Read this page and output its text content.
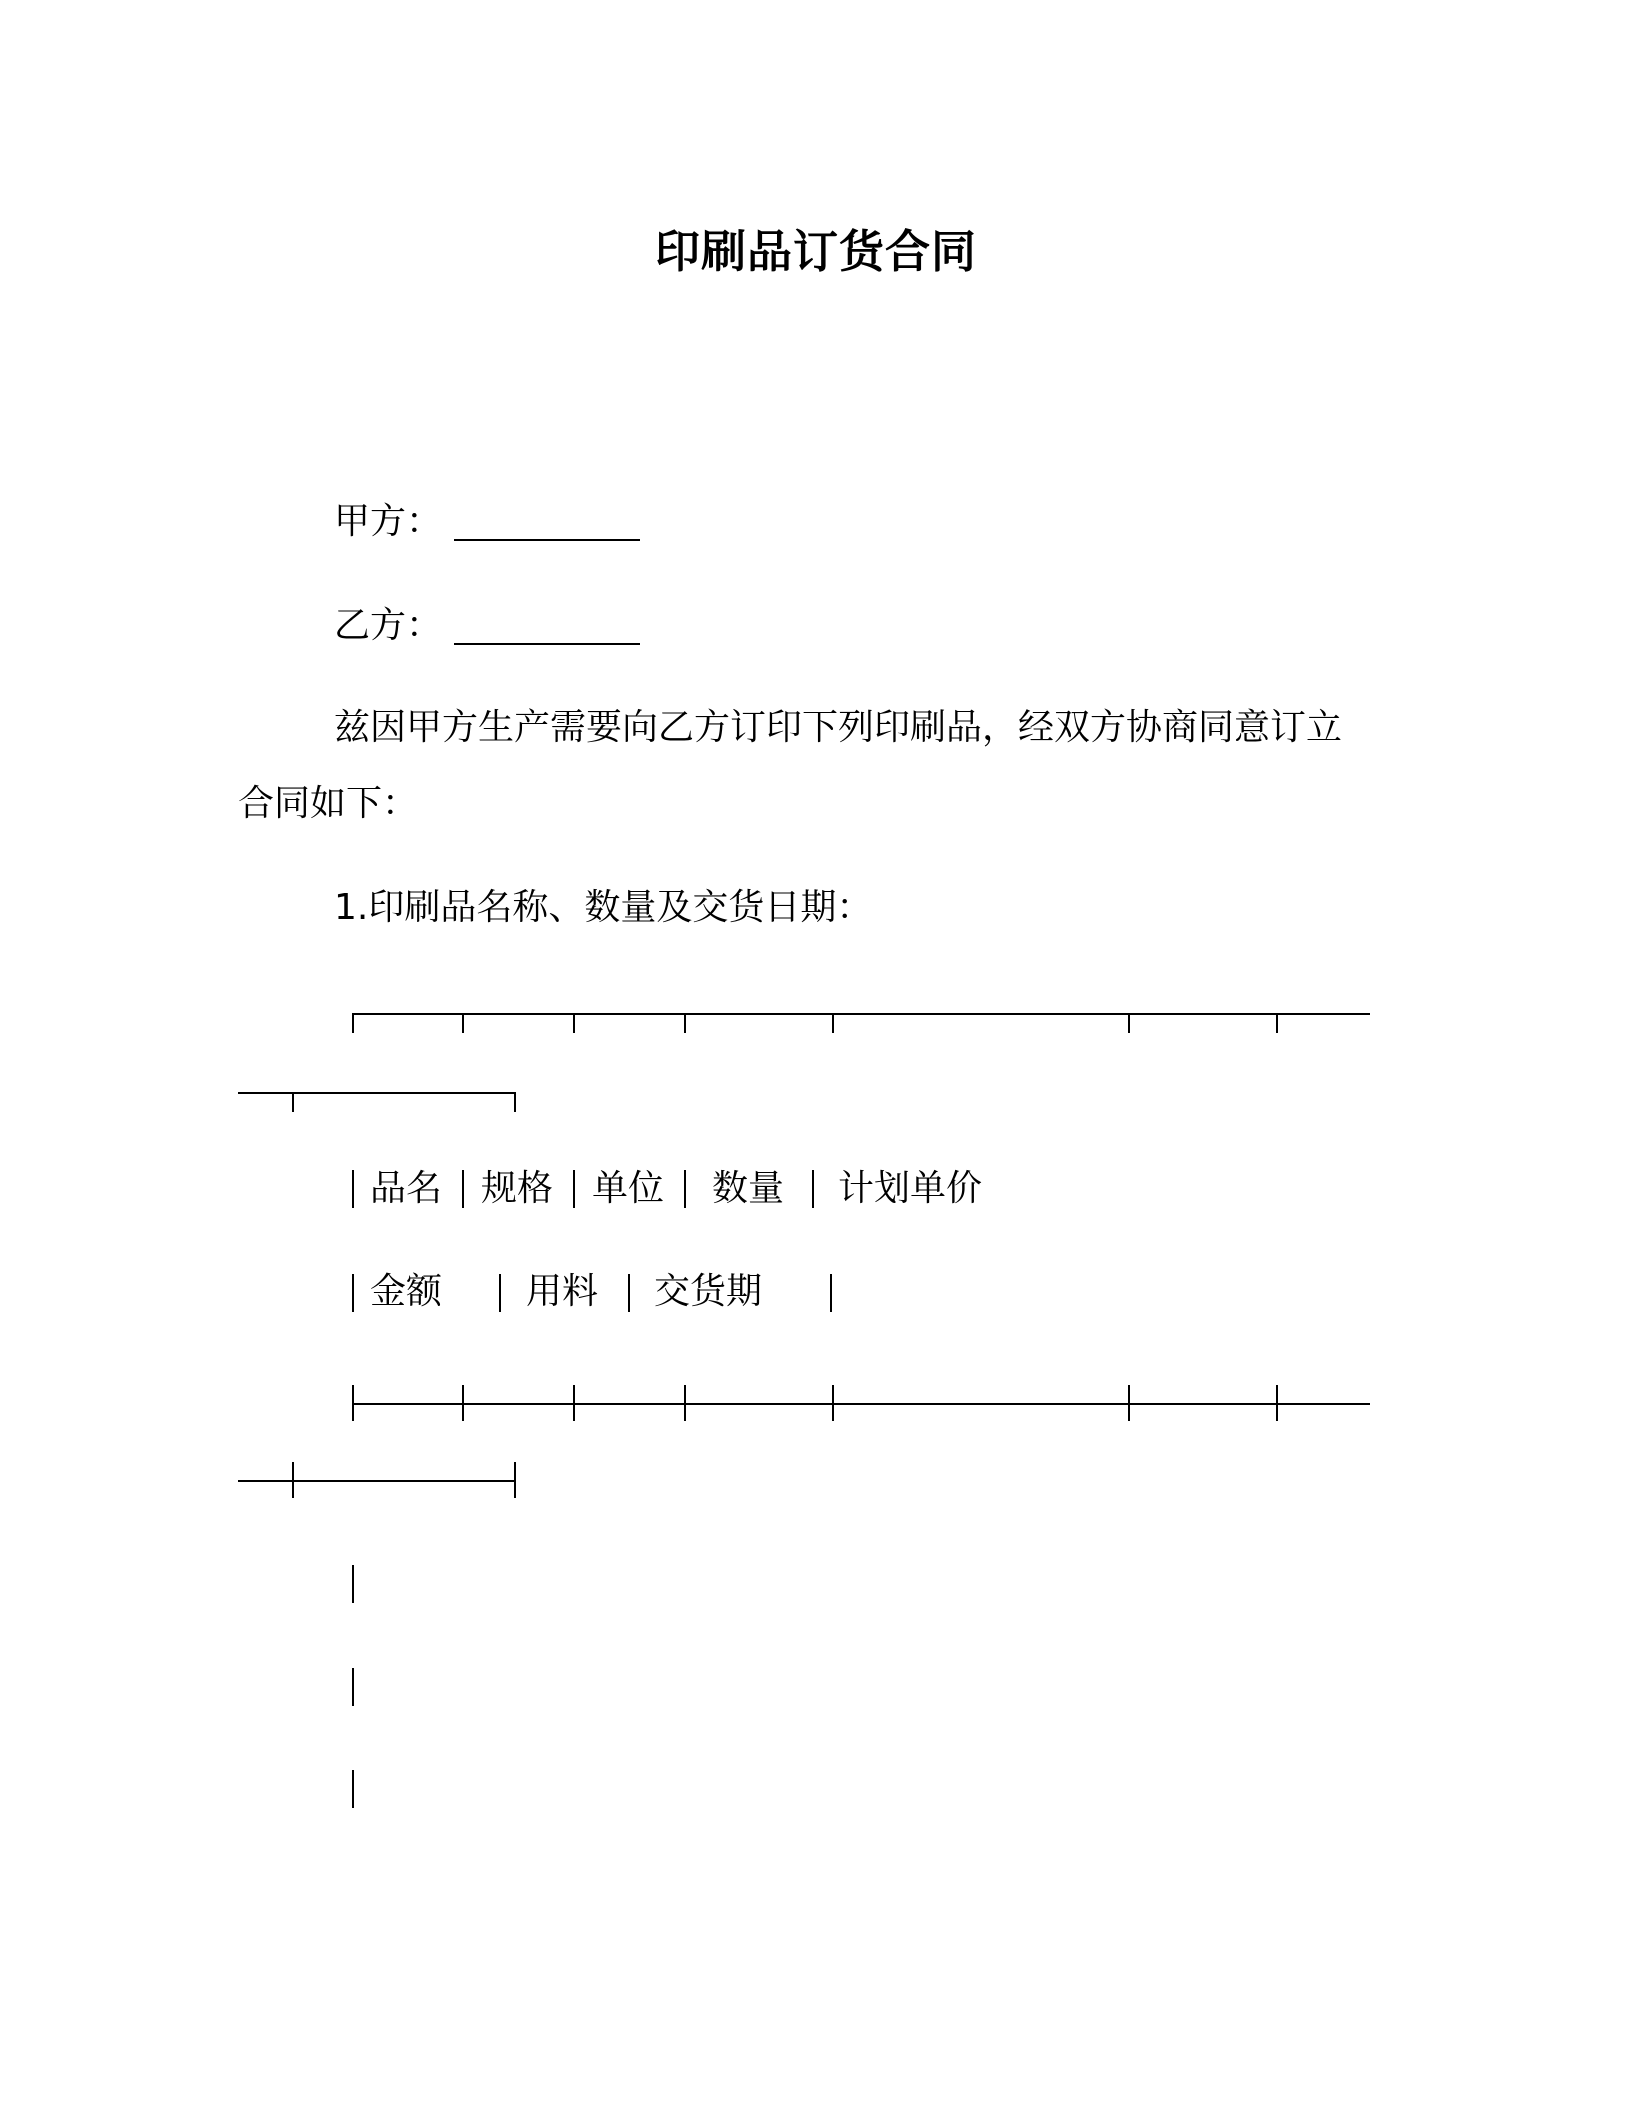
印刷品订货合同
甲方：
乙方：
兹因甲方生产需要向乙方订印下列印刷品，经双方协商同意订立
合同如下：
1.印刷品名称、数量及交货日期：
品名 规格 单位 数量 计划单价
金额 用料 交货期
